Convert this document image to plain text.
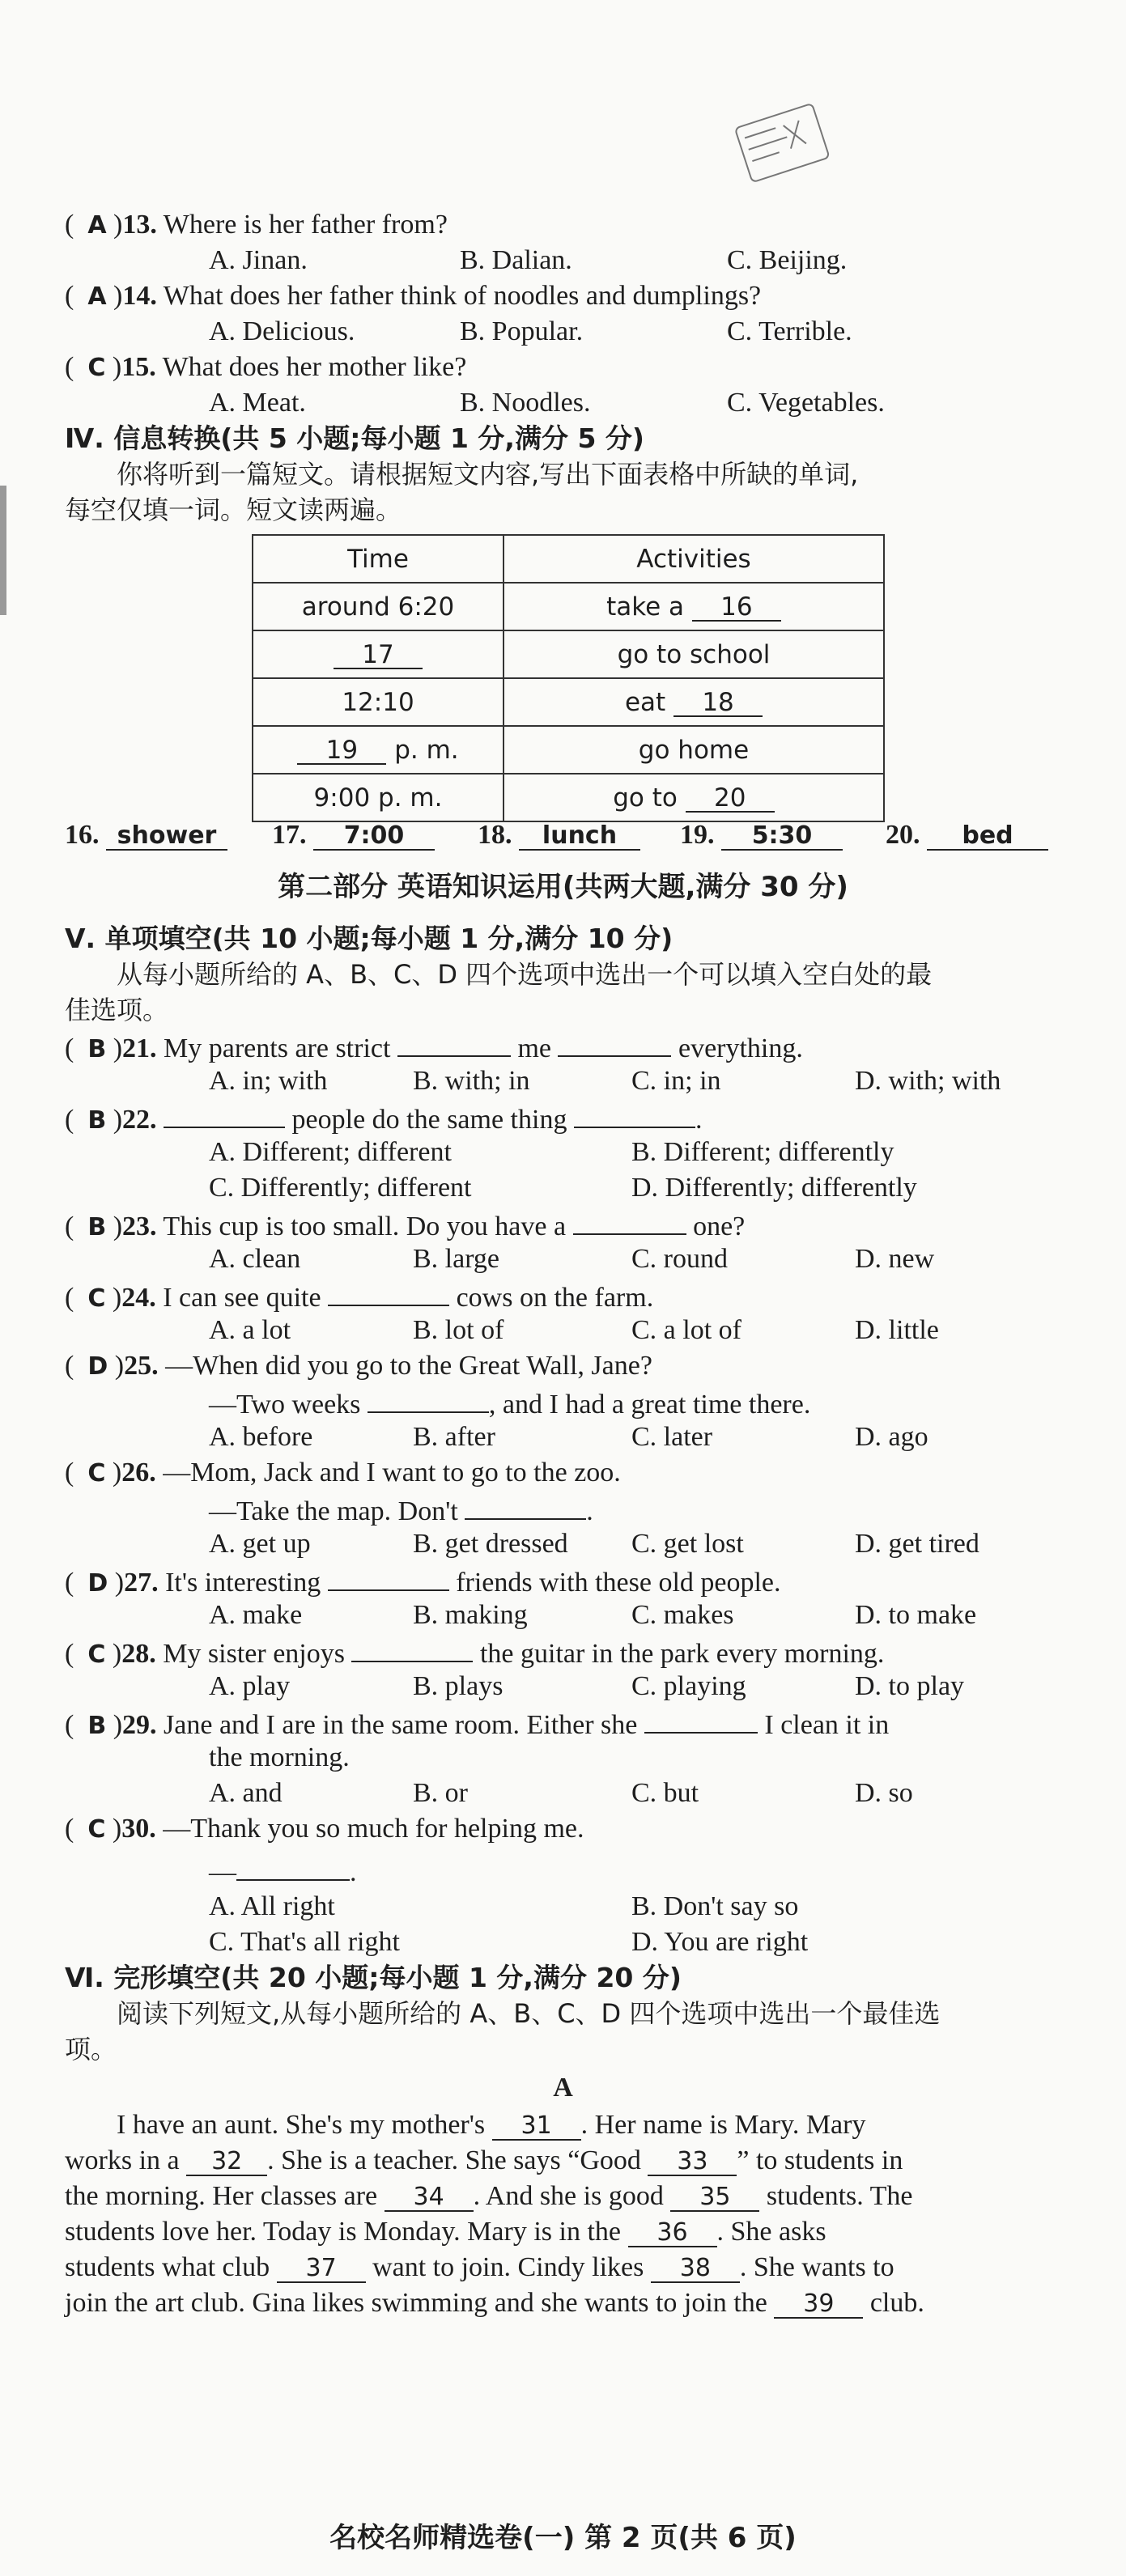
(  A )13. Where is her father from?
A. Jinan.	B. Dalian.	C. Beijing.
(  A )14. What does her father think of noodles and dumplings?
A. Delicious.	B. Popular.	C. Terrible.
(  C )15. What does her mother like?
A. Meat.	B. Noodles.	C. Vegetables.
Ⅳ. 信息转换(共 5 小题;每小题 1 分,满分 5 分)
你将听到一篇短文。请根据短文内容,写出下面表格中所缺的单词,
每空仅填一词。短文读两遍。
Time	Activities
around 6:20	take a 16
17	go to school
12:10	eat 18
19 p. m.	go home
9:00 p. m.	go to 20
16. shower	17. 7:00	18. lunch	19. 5:30	20. bed
第二部分 英语知识运用(共两大题,满分 30 分)
Ⅴ. 单项填空(共 10 小题;每小题 1 分,满分 10 分)
从每小题所给的 A、B、C、D 四个选项中选出一个可以填入空白处的最
佳选项。
(  B )21. My parents are strict	me	everything.
A. in; with	B. with; in	C. in; in	D. with; with
(  B )22.	people do the same thing	.
A. Different; different	B. Different; differently
C. Differently; different	D. Differently; differently
(  B )23. This cup is too small. Do you have a	one?
A. clean	B. large	C. round	D. new
(  C )24. I can see quite	cows on the farm.
A. a lot	B. lot of	C. a lot of	D. little
(  D )25. —When did you go to the Great Wall, Jane?
—Two weeks	, and I had a great time there.
A. before	B. after	C. later	D. ago
(  C )26. —Mom, Jack and I want to go to the zoo.
—Take the map. Don't	.
A. get up	B. get dressed C. get lost	D. get tired
(  D )27. It's interesting	friends with these old people.
A. make	B. making	C. makes	D. to make
(  C )28. My sister enjoys	the guitar in the park every morning.
A. play	B. plays	C. playing	D. to play
(  B )29. Jane and I are in the same room. Either she	I clean it in
the morning.
A. and	B. or	C. but	D. so
(  C )30. —Thank you so much for helping me.
—	.
A. All right	B. Don't say so
C. That's all right	D. You are right
Ⅵ. 完形填空(共 20 小题;每小题 1 分,满分 20 分)
阅读下列短文,从每小题所给的 A、B、C、D 四个选项中选出一个最佳选
项。
A
I have an aunt. She's my mother's 31 . Her name is Mary. Mary
works in a 32 . She is a teacher. She says “Good 33 ” to students in
the morning. Her classes are 34 . And she is good 35 students. The
students love her. Today is Monday. Mary is in the 36 . She asks
students what club 37 want to join. Cindy likes 38 . She wants to
join the art club. Gina likes swimming and she wants to join the 39 club.
名校名师精选卷(一) 第 2 页(共 6 页)
